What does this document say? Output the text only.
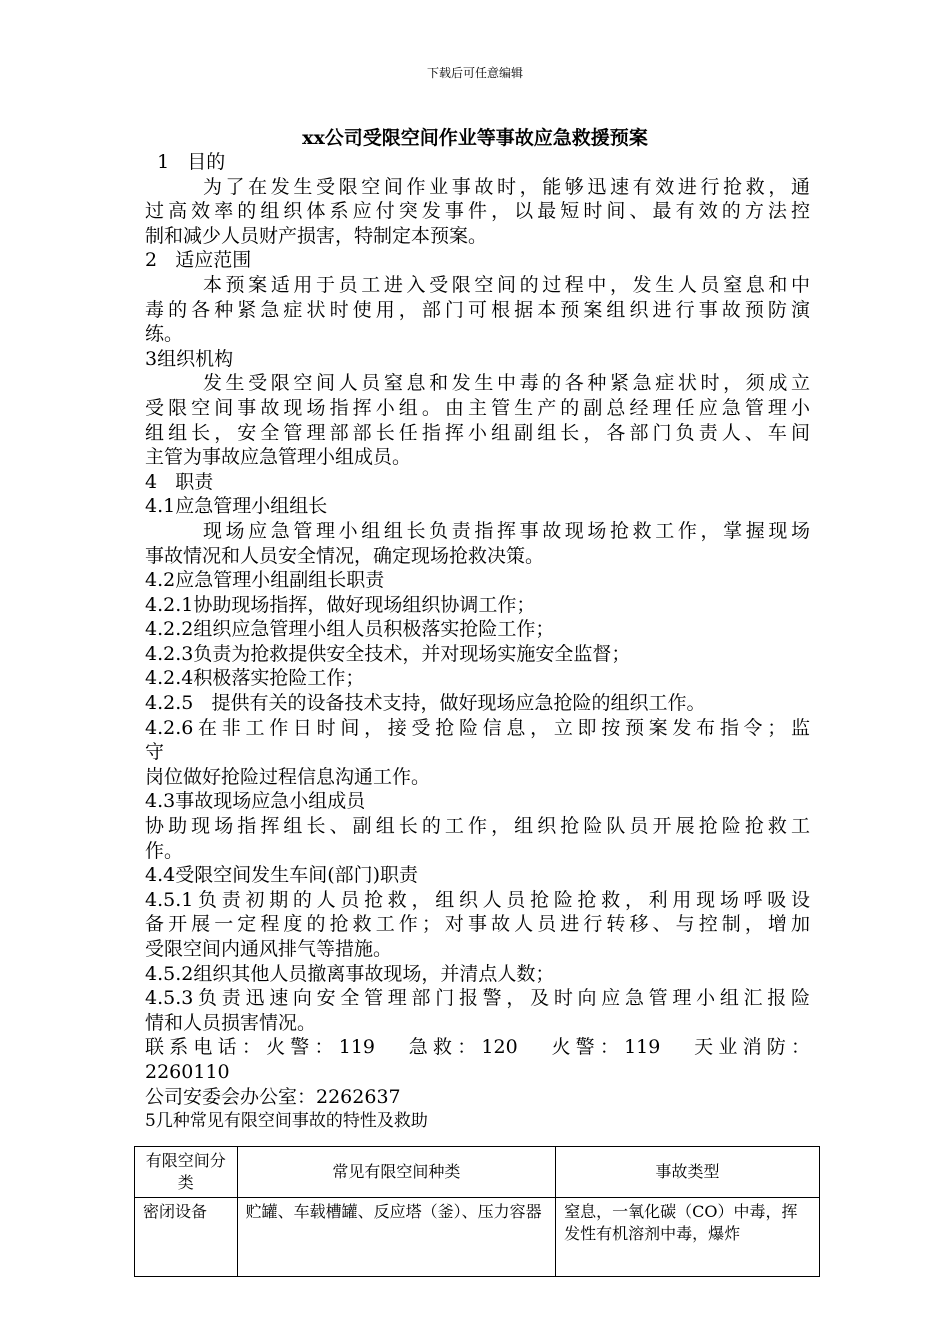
下载后可任意编辑
xx公司受限空间作业等事故应急救援预案
1   目的
为了在发生受限空间作业事故时，能够迅速有效进行抢救，通
过高效率的组织体系应付突发事件，以最短时间、最有效的方法控
制和减少人员财产损害，特制定本预案。
2   适应范围
本预案适用于员工进入受限空间的过程中，发生人员窒息和中
毒的各种紧急症状时使用，部门可根据本预案组织进行事故预防演
练。
3组织机构
发生受限空间人员窒息和发生中毒的各种紧急症状时，须成立
受限空间事故现场指挥小组。由主管生产的副总经理任应急管理小
组组长，安全管理部部长任指挥小组副组长，各部门负责人、车间
主管为事故应急管理小组成员。
4   职责
4.1应急管理小组组长
现场应急管理小组组长负责指挥事故现场抢救工作，掌握现场
事故情况和人员安全情况，确定现场抢救决策。
4.2应急管理小组副组长职责
4.2.1协助现场指挥，做好现场组织协调工作；
4.2.2组织应急管理小组人员积极落实抢险工作；
4.2.3负责为抢救提供安全技术，并对现场实施安全监督；
4.2.4积极落实抢险工作；
4.2.5   提供有关的设备技术支持，做好现场应急抢险的组织工作。
4.2.6在非工作日时间，接受抢险信息，立即按预案发布指令；监
守
岗位做好抢险过程信息沟通工作。
4.3事故现场应急小组成员
协助现场指挥组长、副组长的工作，组织抢险队员开展抢险抢救工
作。
4.4受限空间发生车间(部门)职责
4.5.1负责初期的人员抢救，组织人员抢险抢救，利用现场呼吸设
备开展一定程度的抢救工作；对事故人员进行转移、与控制，增加
受限空间内通风排气等措施。
4.5.2组织其他人员撤离事故现场，并清点人数；
4.5.3负责迅速向安全管理部门报警，及时向应急管理小组汇报险
情和人员损害情况。
联系电话：火警：119   急救：120   火警：119   天业消防：
2260110
公司安委会办公室：2262637
5几种常见有限空间事故的特性及救助
有限空间分类	常见有限空间种类	事故类型
密闭设备	贮罐、车载槽罐、反应塔（釜）、压力容器	窒息，一氧化碳（CO）中毒，挥发性有机溶剂中毒，爆炸
